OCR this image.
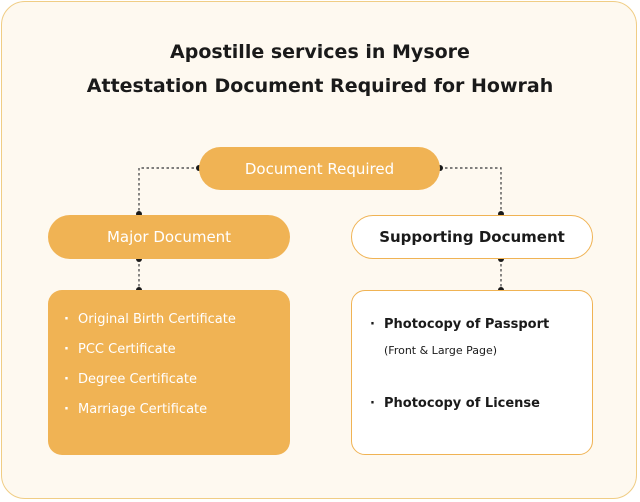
Apostille services in Mysore
Attestation Document Required for Howrah
Document Required
Major Document	Supporting Document
· Original Birth Certificate
· PCC Certificate
· Degree Certificate
· Marriage Certificate
· Photocopy of Passport
(Front & Large Page)
· Photocopy of License
